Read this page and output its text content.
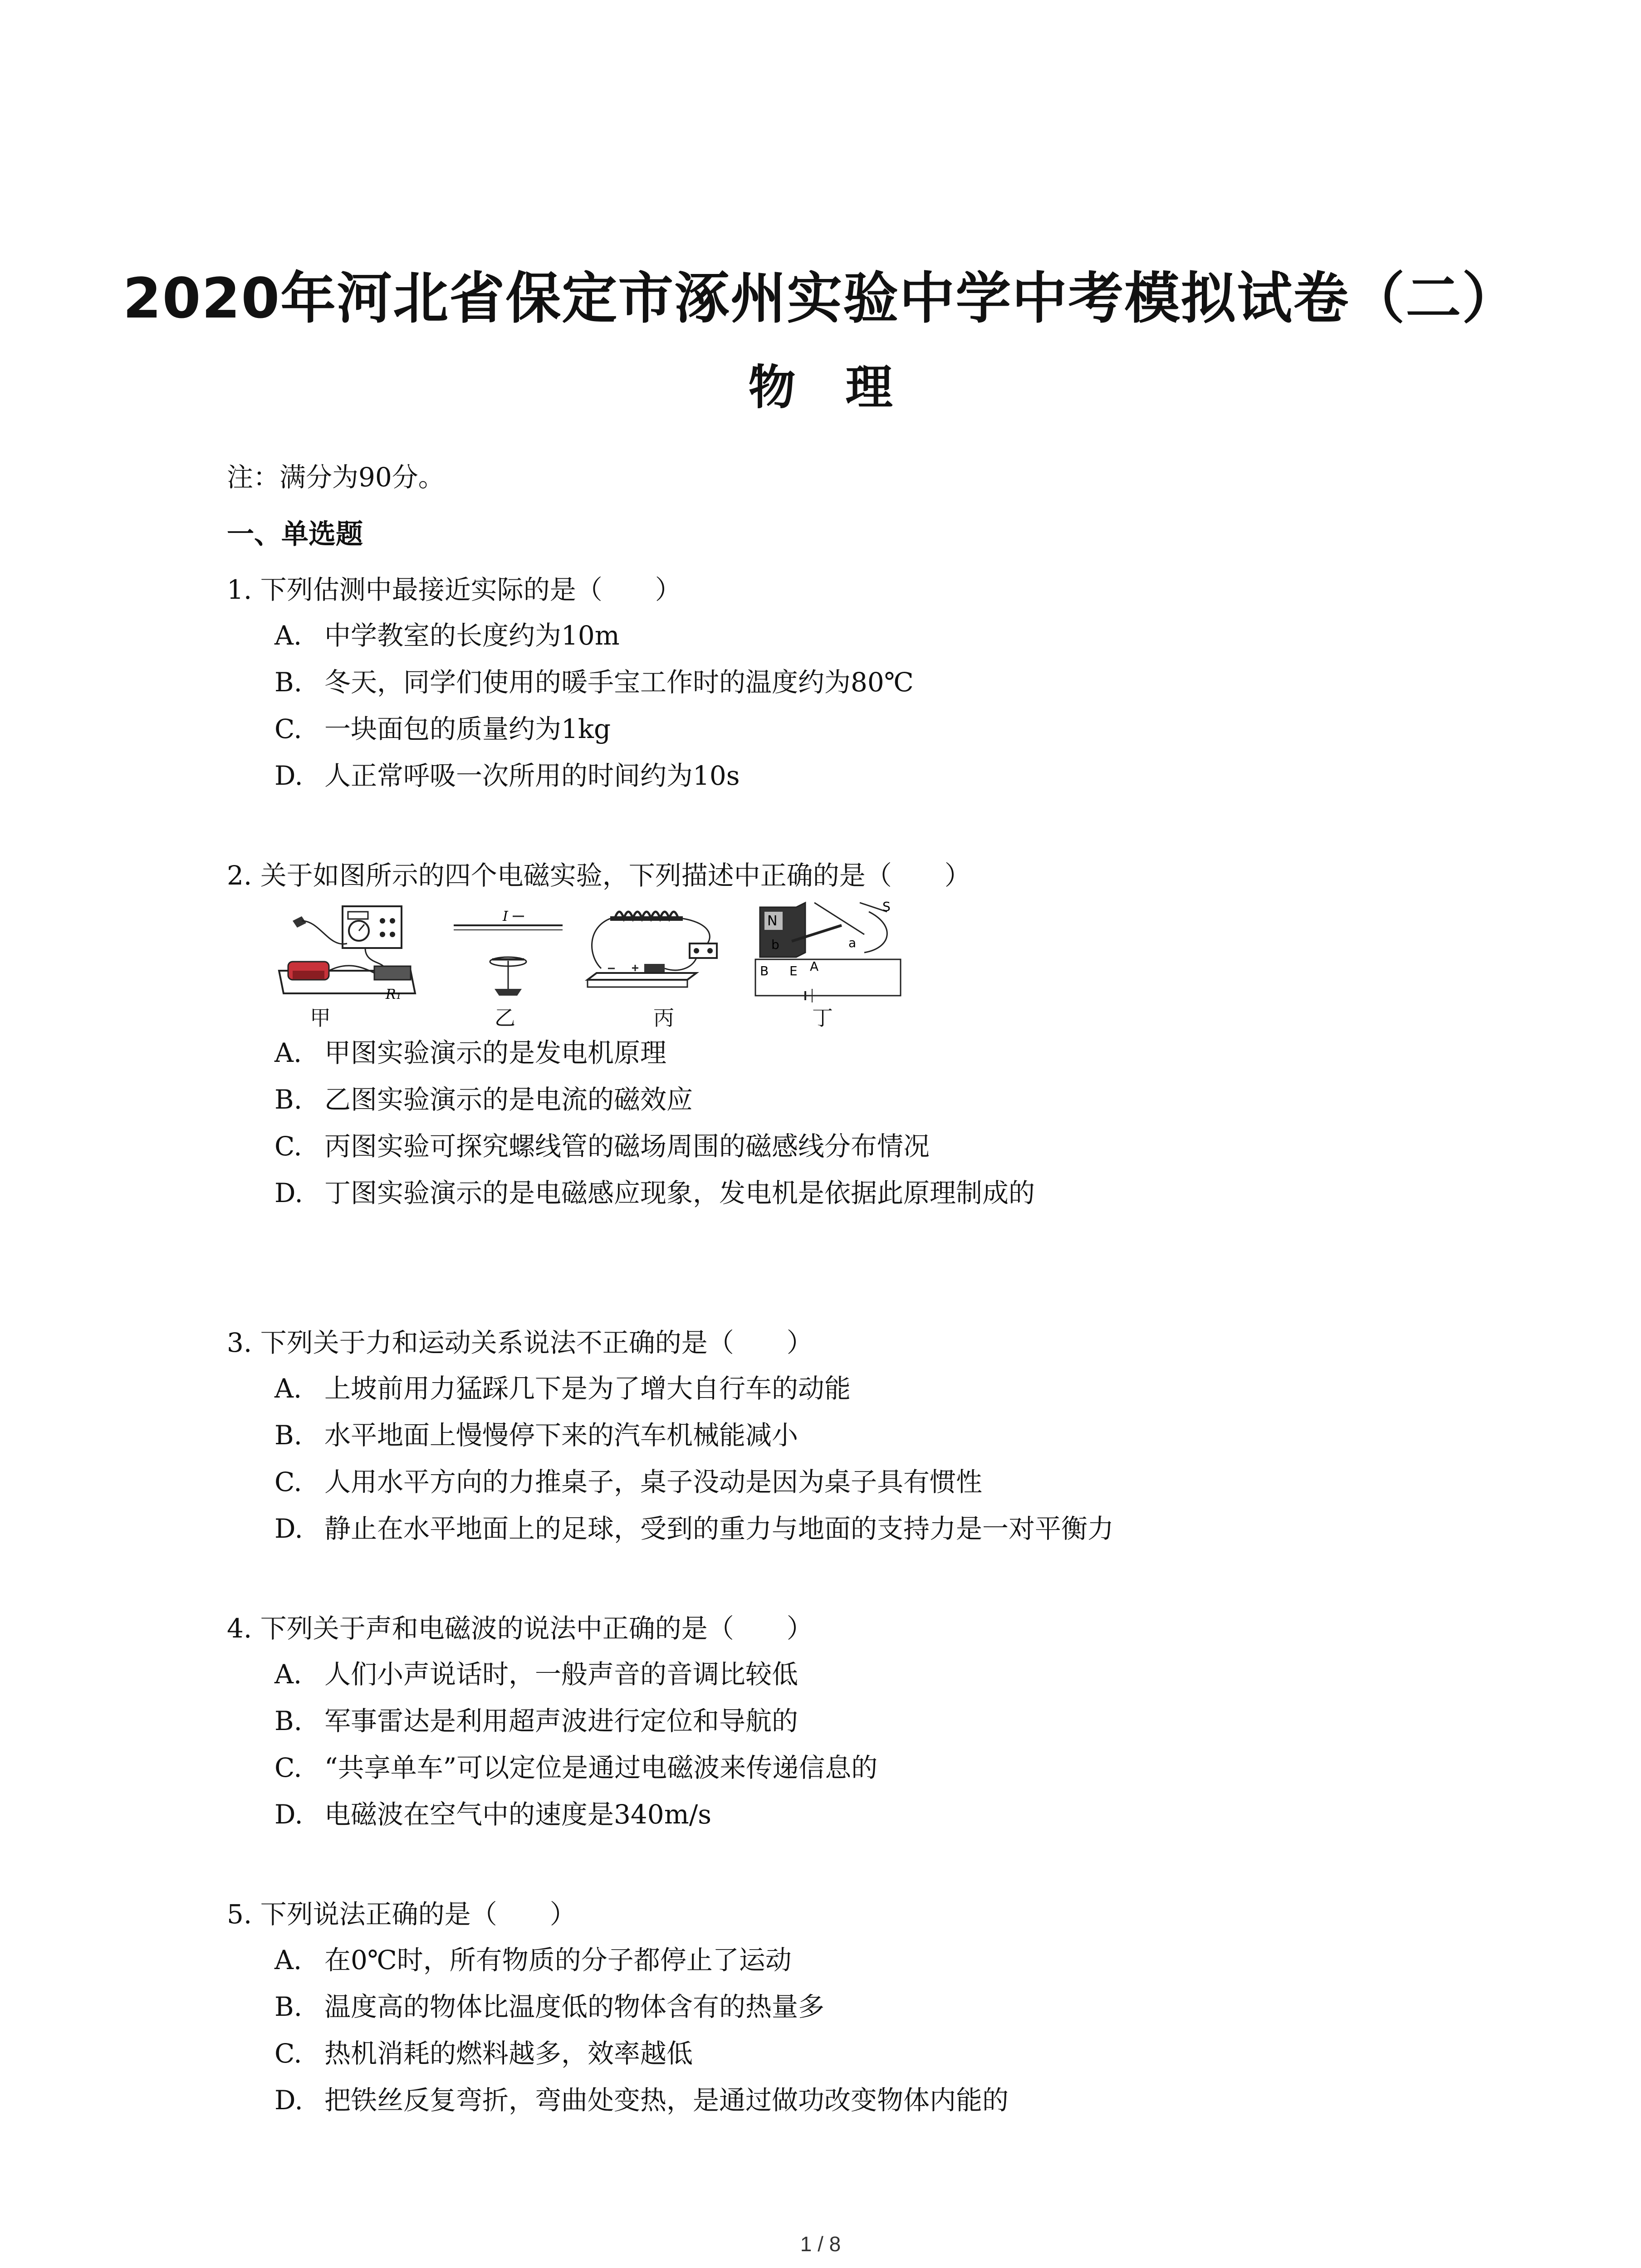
2020年河北省保定市涿州实验中学中考模拟试卷（二）
物理
注：满分为90分。
一、单选题
1. 下列估测中最接近实际的是（　　）
A. 中学教室的长度约为10m
B. 冬天，同学们使用的暖手宝工作时的温度约为80℃
C. 一块面包的质量约为1kg
D. 人正常呼吸一次所用的时间约为10s
2. 关于如图所示的四个电磁实验，下列描述中正确的是（　　）
R₁
I	N
S
b	a
B E A
甲	乙	丙	丁
A. 甲图实验演示的是发电机原理
B. 乙图实验演示的是电流的磁效应
C. 丙图实验可探究螺线管的磁场周围的磁感线分布情况
D. 丁图实验演示的是电磁感应现象，发电机是依据此原理制成的
3. 下列关于力和运动关系说法不正确的是（　　）
A. 上坡前用力猛踩几下是为了增大自行车的动能
B. 水平地面上慢慢停下来的汽车机械能减小
C. 人用水平方向的力推桌子，桌子没动是因为桌子具有惯性
D. 静止在水平地面上的足球，受到的重力与地面的支持力是一对平衡力
4. 下列关于声和电磁波的说法中正确的是（　　）
A. 人们小声说话时，一般声音的音调比较低
B. 军事雷达是利用超声波进行定位和导航的
C. “共享单车”可以定位是通过电磁波来传递信息的
D. 电磁波在空气中的速度是340m/s
5. 下列说法正确的是（　　）
A. 在0℃时，所有物质的分子都停止了运动
B. 温度高的物体比温度低的物体含有的热量多
C. 热机消耗的燃料越多，效率越低
D. 把铁丝反复弯折，弯曲处变热，是通过做功改变物体内能的
1 / 8
